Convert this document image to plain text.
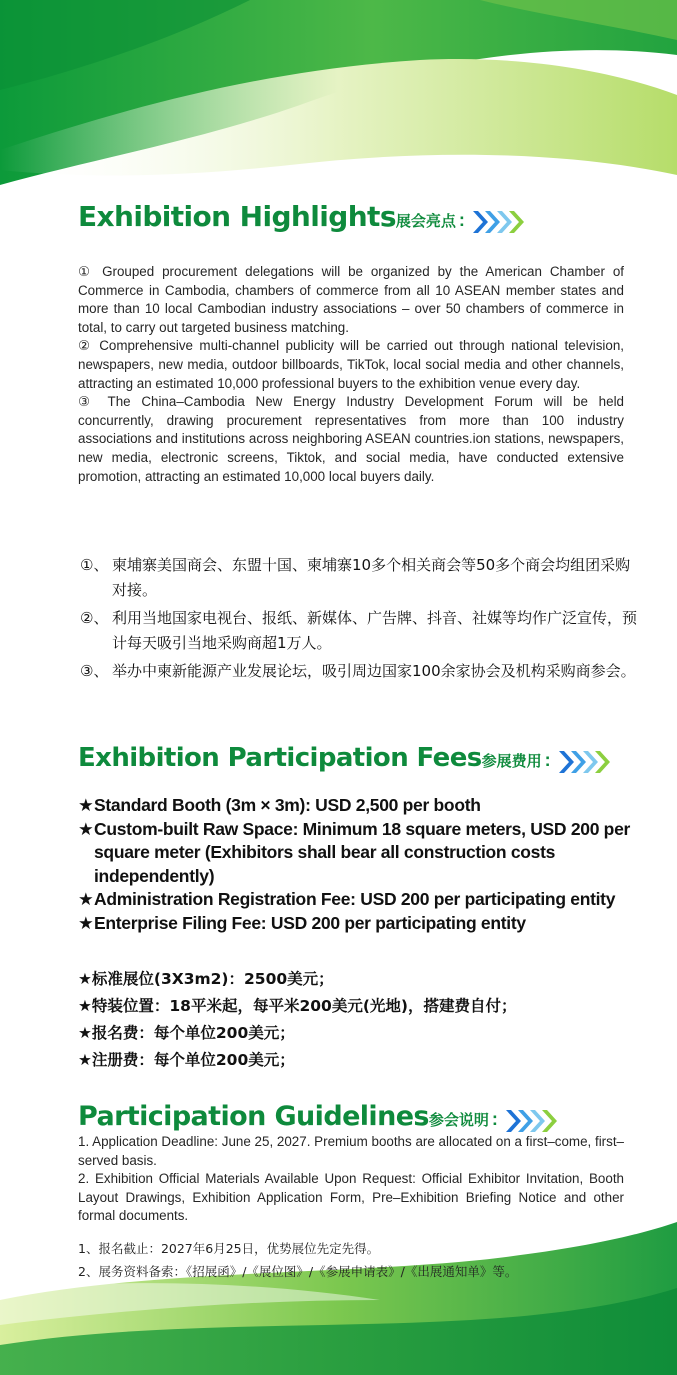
Exhibition Highlights展会亮点 :

① Grouped procurement delegations will be organized by the American Chamber of Commerce in Cambodia, chambers of commerce from all 10 ASEAN member states and more than 10 local Cambodian industry associations – over 50 chambers of commerce in total, to carry out targeted business matching.

② Comprehensive multi-channel publicity will be carried out through national television, newspapers, new media, outdoor billboards, TikTok, local social media and other channels, attracting an estimated 10,000 professional buyers to the exhibition venue every day.

③ The China–Cambodia New Energy Industry Development Forum will be held concurrently, drawing procurement representatives from more than 100 industry associations and institutions across neighboring ASEAN countries.ion stations, newspapers, new media, electronic screens, Tiktok, and social media, have conducted extensive promotion, attracting an estimated 10,000 local buyers daily.

①、 柬埔寨美国商会、东盟十国、柬埔寨10多个相关商会等50多个商会均组团采购对接。
②、 利用当地国家电视台、报纸、新媒体、广告牌、抖音、社媒等均作广泛宣传，预计每天吸引当地采购商超1万人。
③、 举办中柬新能源产业发展论坛，吸引周边国家100余家协会及机构采购商参会。
Exhibition Participation Fees参展费用 :
★ Standard Booth (3m × 3m): USD 2,500 per booth
★ Custom-built Raw Space: Minimum 18 square meters, USD 200 per square meter (Exhibitors shall bear all construction costs independently)
★ Administration Registration Fee: USD 200 per participating entity
★ Enterprise Filing Fee: USD 200 per participating entity
★标准展位(3X3m2)：2500美元；
★特装位置：18平米起，每平米200美元(光地)，搭建费自付；
★报名费：每个单位200美元；
★注册费：每个单位200美元；
Participation Guidelines参会说明 :

1. Application Deadline: June 25, 2027. Premium booths are allocated on a first–come, first–served basis.

2. Exhibition Official Materials Available Upon Request: Official Exhibitor Invitation, Booth Layout Drawings, Exhibition Application Form, Pre–Exhibition Briefing Notice and other formal documents.

1、报名截止：2027年6月25日，优势展位先定先得。

2、展务资料备索：《招展函》/《展位图》/《参展申请表》/《出展通知单》等。
